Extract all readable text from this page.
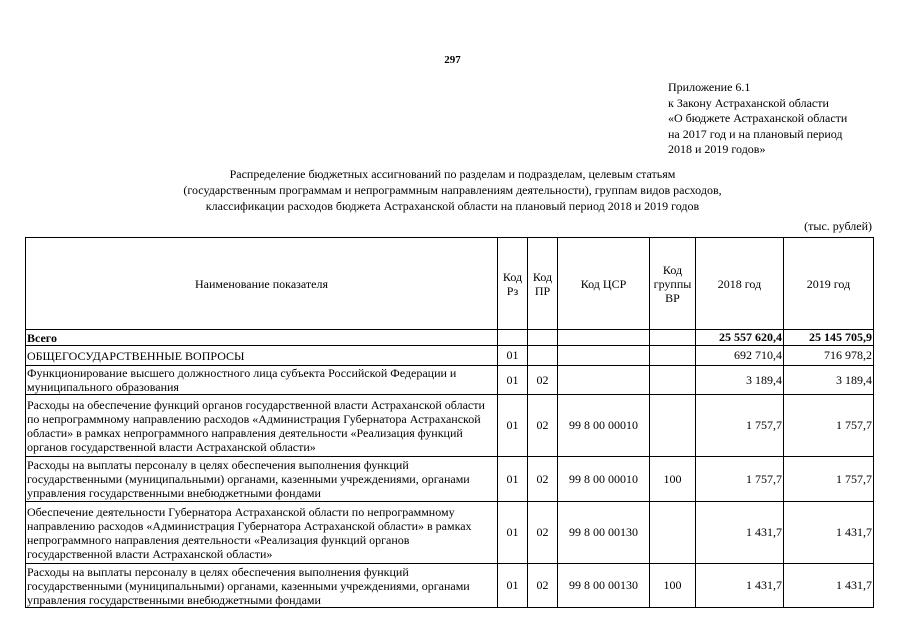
297
Приложение 6.1
к Закону Астраханской области
«О бюджете Астраханской области
на 2017 год и на плановый период
2018 и 2019 годов»
Распределение бюджетных ассигнований по разделам и подразделам, целевым статьям
(государственным программам и непрограммным направлениям деятельности), группам видов расходов,
классификации расходов бюджета Астраханской области на плановый период 2018 и 2019 годов
(тыс. рублей)
Наименование показателя	Код Рз	Код ПР	Код ЦСР	Код группы ВР	2018 год	2019 год
Всего					25 557 620,4	25 145 705,9
ОБЩЕГОСУДАРСТВЕННЫЕ ВОПРОСЫ	01				692 710,4	716 978,2
Функционирование высшего должностного лица субъекта Российской Федерации и муниципального образования	01	02			3 189,4	3 189,4
Расходы на обеспечение функций органов государственной власти Астраханской области по непрограммному направлению расходов «Администрация Губернатора Астраханской области» в рамках непрограммного направления деятельности «Реализация функций органов государственной власти Астраханской области»	01	02	99 8 00 00010		1 757,7	1 757,7
Расходы на выплаты персоналу в целях обеспечения выполнения функций государственными (муниципальными) органами, казенными учреждениями, органами управления государственными внебюджетными фондами	01	02	99 8 00 00010	100	1 757,7	1 757,7
Обеспечение деятельности Губернатора Астраханской области по непрограммному направлению расходов «Администрация Губернатора Астраханской области» в рамках непрограммного направления деятельности «Реализация функций органов государственной власти Астраханской области»	01	02	99 8 00 00130		1 431,7	1 431,7
Расходы на выплаты персоналу в целях обеспечения выполнения функций государственными (муниципальными) органами, казенными учреждениями, органами управления государственными внебюджетными фондами	01	02	99 8 00 00130	100	1 431,7	1 431,7
